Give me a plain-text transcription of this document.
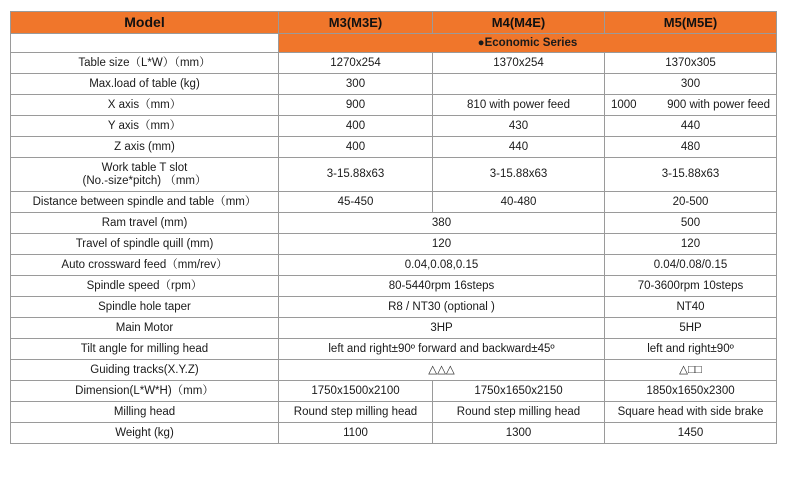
Model	M3(M3E)	M4(M4E)	M5(M5E)
	●Economic Series		
Table size（L*W）（mm）	1270x254	1370x254	1370x305
Max.load of table (kg)	300		300
X axis（mm）	900	810 with power feed	1000 900 with power feed

Y axis（mm）	400	430	440
Z axis (mm)	400	440	480

Work table T slot
(No.-size*pitch) （mm）	3-15.88x63	3-15.88x63	3-15.88x63
Distance between spindle and table（mm）	45-450	40-480	20-500
Ram travel (mm)	380		500
Travel of spindle quill (mm)	120		120
Auto crossward feed（mm/rev）	0.04,0.08,0.15		0.04/0.08/0.15
Spindle speed（rpm）	80-5440rpm 16steps		70-3600rpm 10steps
Spindle hole taper	R8 / NT30 (optional )		NT40
Main Motor	3HP		5HP
Tilt angle for milling head	left and right±90º forward and backward±45º		left and right±90º
Guiding tracks(X.Y.Z)	△△△		△□□
Dimension(L*W*H)（mm）	1750x1500x2100	1750x1650x2150	1850x1650x2300
Milling head	Round step milling head	Round step milling head	Square head with side brake
Weight (kg)	1100	1300	1450
